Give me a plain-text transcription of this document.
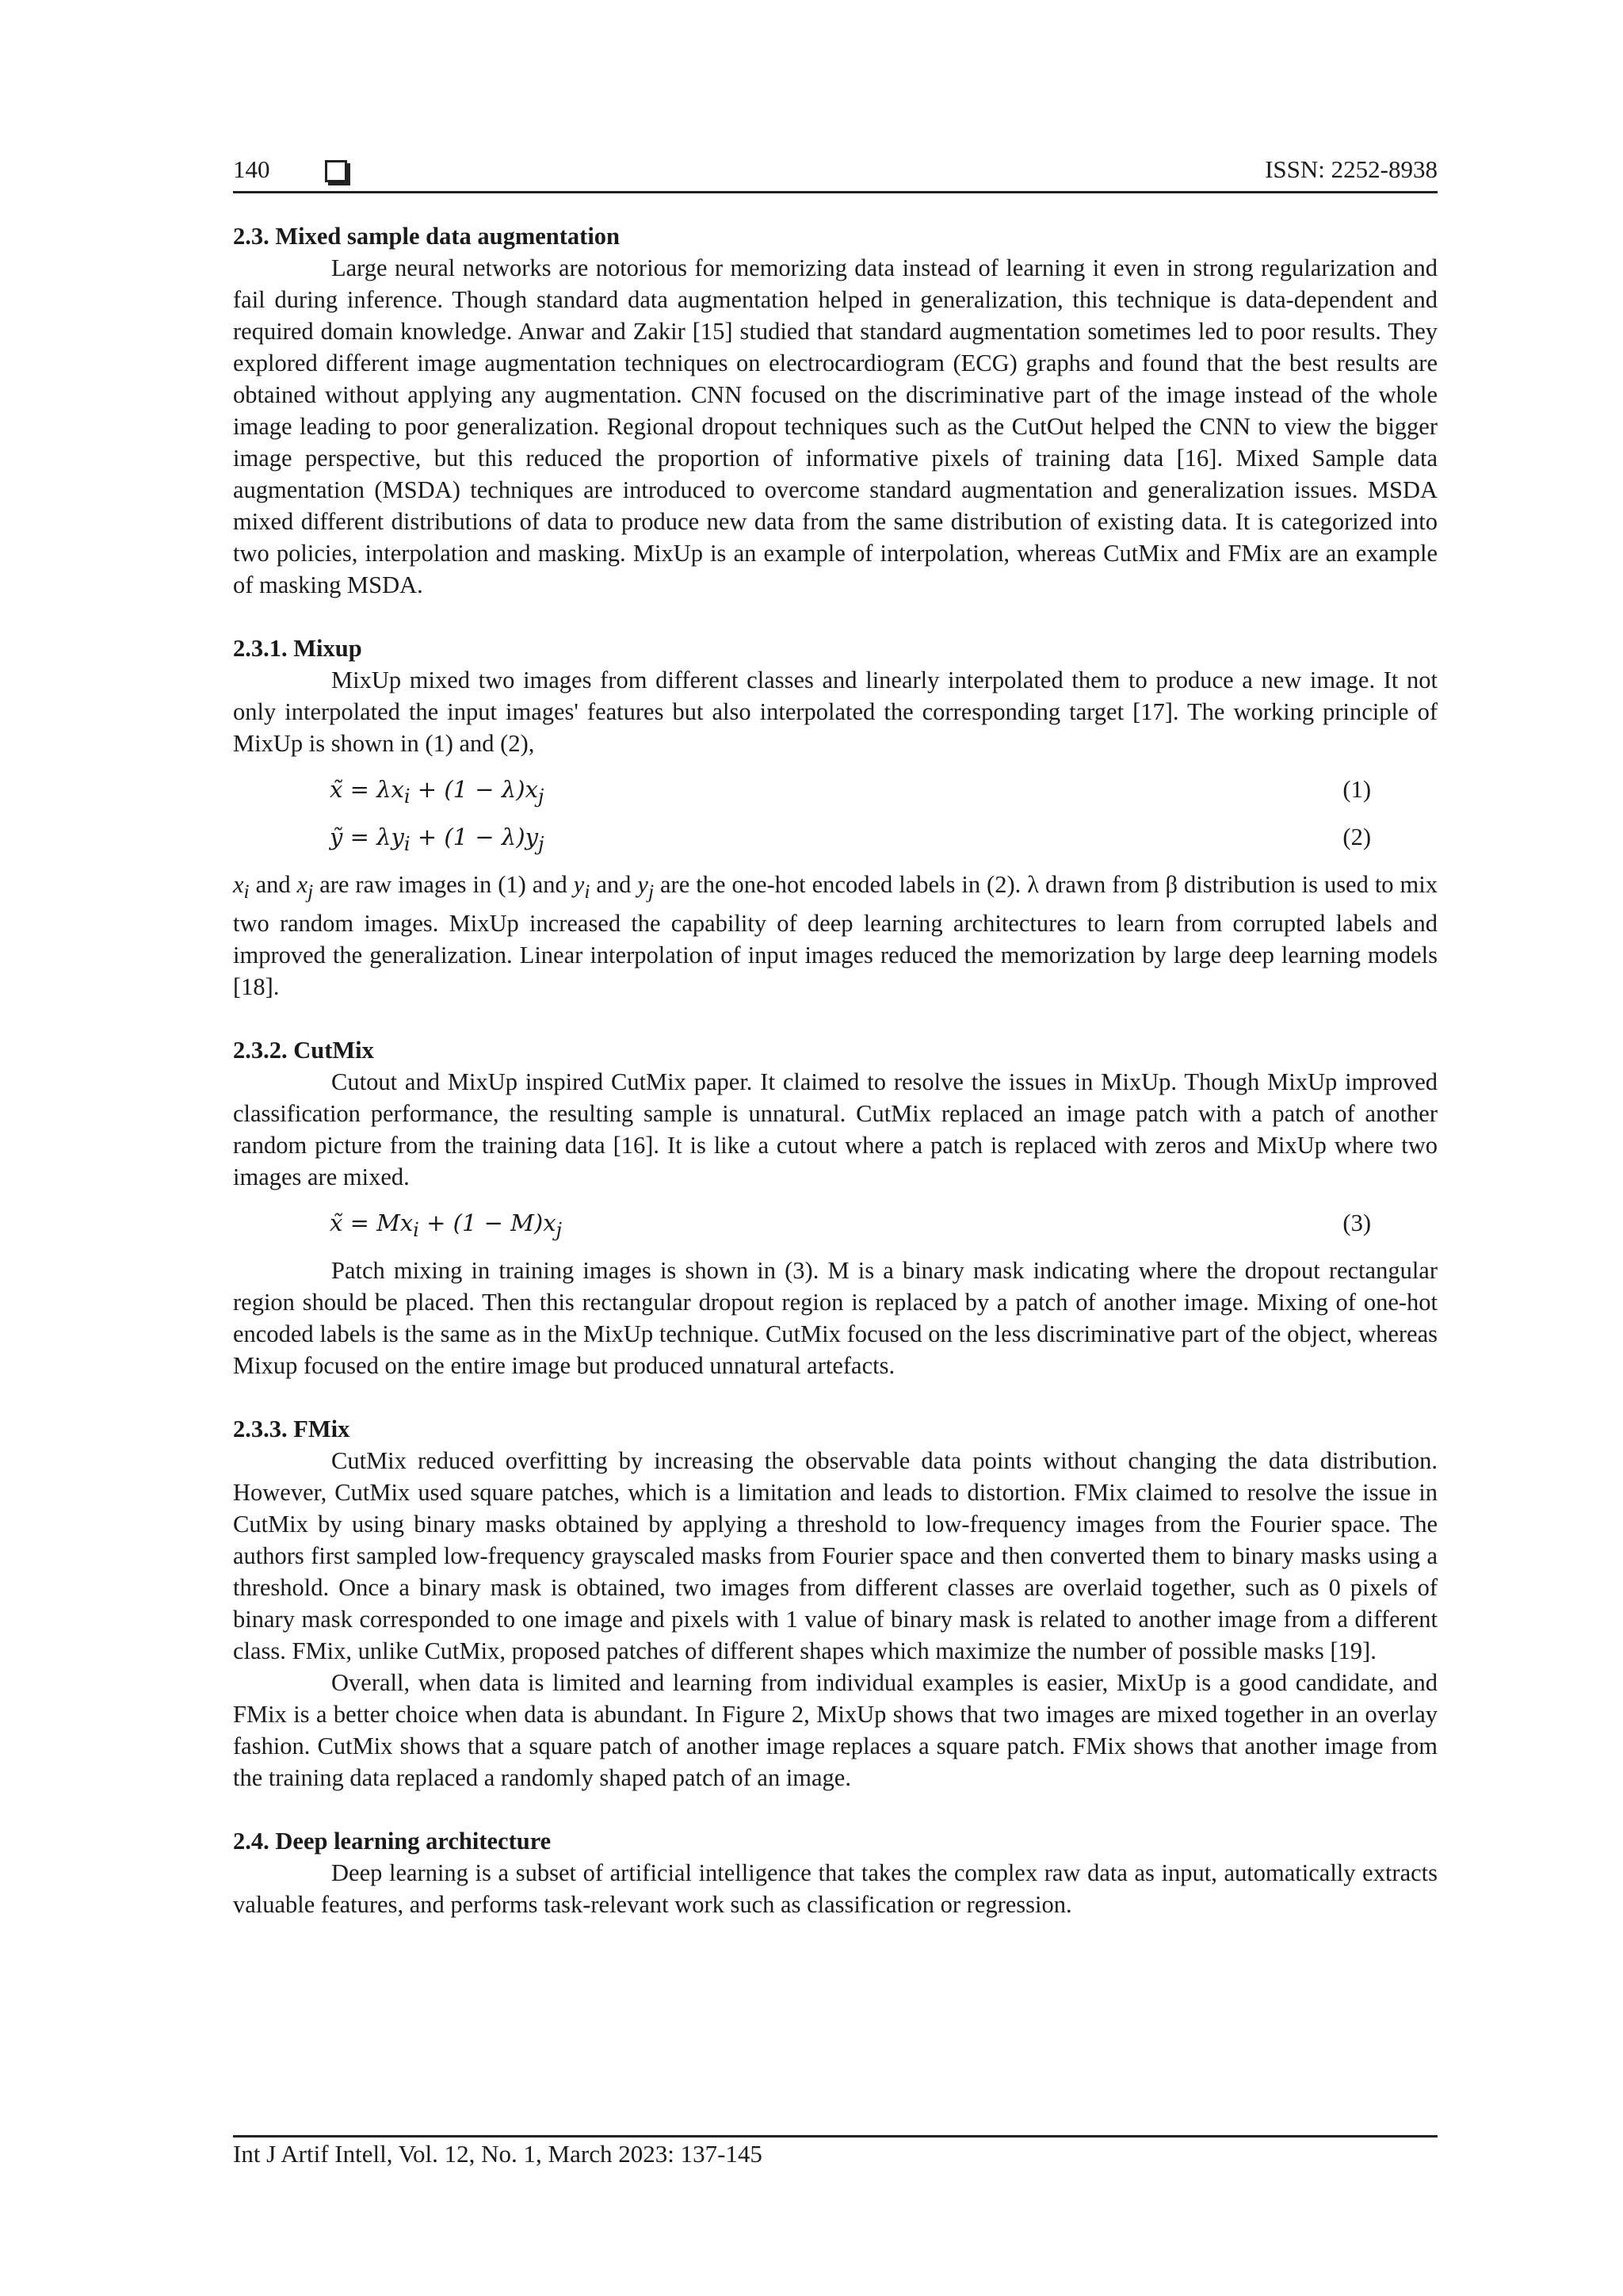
140	ISSN: 2252-8938
2.3. Mixed sample data augmentation

Large neural networks are notorious for memorizing data instead of learning it even in strong regularization and fail during inference. Though standard data augmentation helped in generalization, this technique is data-dependent and required domain knowledge. Anwar and Zakir [15] studied that standard augmentation sometimes led to poor results. They explored different image augmentation techniques on electrocardiogram (ECG) graphs and found that the best results are obtained without applying any augmentation. CNN focused on the discriminative part of the image instead of the whole image leading to poor generalization. Regional dropout techniques such as the CutOut helped the CNN to view the bigger image perspective, but this reduced the proportion of informative pixels of training data [16]. Mixed Sample data augmentation (MSDA) techniques are introduced to overcome standard augmentation and generalization issues. MSDA mixed different distributions of data to produce new data from the same distribution of existing data. It is categorized into two policies, interpolation and masking. MixUp is an example of interpolation, whereas CutMix and FMix are an example of masking MSDA.

2.3.1. Mixup

MixUp mixed two images from different classes and linearly interpolated them to produce a new image. It not only interpolated the input images' features but also interpolated the corresponding target [17]. The working principle of MixUp is shown in (1) and (2),

x̃ = $\lambda x_i + (1 - \lambda)x_j$	(1)
ỹ = $\lambda y_i + (1 - \lambda)y_j$	(2)

$x_i$ and $x_j$ are raw images in (1) and $y_i$ and $y_j$ are the one-hot encoded labels in (2). λ drawn from β distribution is used to mix two random images. MixUp increased the capability of deep learning architectures to learn from corrupted labels and improved the generalization. Linear interpolation of input images reduced the memorization by large deep learning models [18].

2.3.2. CutMix

Cutout and MixUp inspired CutMix paper. It claimed to resolve the issues in MixUp. Though MixUp improved classification performance, the resulting sample is unnatural. CutMix replaced an image patch with a patch of another random picture from the training data [16]. It is like a cutout where a patch is replaced with zeros and MixUp where two images are mixed.

x̃ = $Mx_i + (1 - M)x_j$	(3)

Patch mixing in training images is shown in (3). M is a binary mask indicating where the dropout rectangular region should be placed. Then this rectangular dropout region is replaced by a patch of another image. Mixing of one-hot encoded labels is the same as in the MixUp technique. CutMix focused on the less discriminative part of the object, whereas Mixup focused on the entire image but produced unnatural artefacts.

2.3.3. FMix

CutMix reduced overfitting by increasing the observable data points without changing the data distribution. However, CutMix used square patches, which is a limitation and leads to distortion. FMix claimed to resolve the issue in CutMix by using binary masks obtained by applying a threshold to low-frequency images from the Fourier space. The authors first sampled low-frequency grayscaled masks from Fourier space and then converted them to binary masks using a threshold. Once a binary mask is obtained, two images from different classes are overlaid together, such as 0 pixels of binary mask corresponded to one image and pixels with 1 value of binary mask is related to another image from a different class. FMix, unlike CutMix, proposed patches of different shapes which maximize the number of possible masks [19].

Overall, when data is limited and learning from individual examples is easier, MixUp is a good candidate, and FMix is a better choice when data is abundant. In Figure 2, MixUp shows that two images are mixed together in an overlay fashion. CutMix shows that a square patch of another image replaces a square patch. FMix shows that another image from the training data replaced a randomly shaped patch of an image.

2.4. Deep learning architecture

Deep learning is a subset of artificial intelligence that takes the complex raw data as input, automatically extracts valuable features, and performs task-relevant work such as classification or regression.

Int J Artif Intell, Vol. 12, No. 1, March 2023: 137-145
